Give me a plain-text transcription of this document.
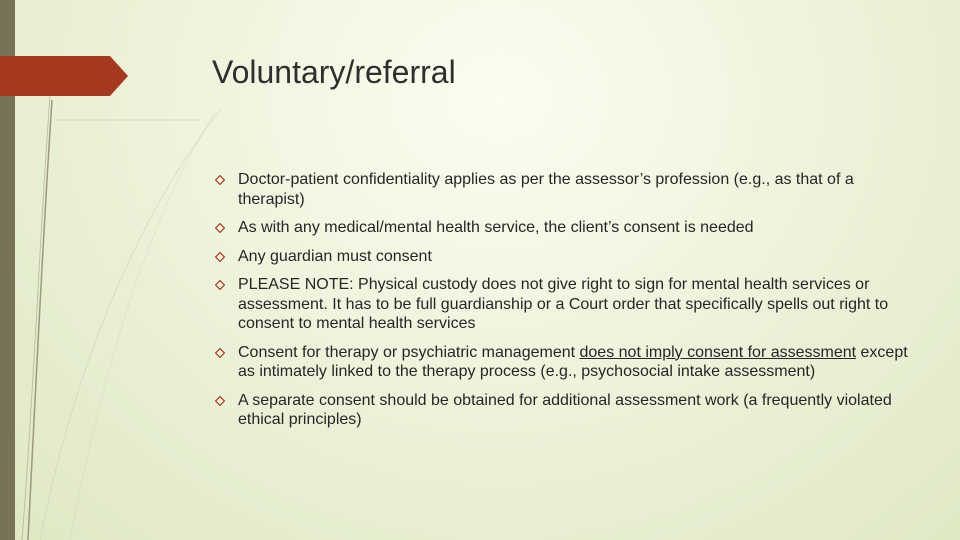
Voluntary/referral
Doctor-patient confidentiality applies as per the assessor’s profession (e.g., as that of a therapist)
As with any medical/mental health service, the client’s consent is needed
Any guardian must consent
PLEASE NOTE: Physical custody does not give right to sign for mental health services or assessment. It has to be full guardianship or a Court order that specifically spells out right to consent to mental health services
Consent for therapy or psychiatric management does not imply consent for assessment except as intimately linked to the therapy process (e.g., psychosocial intake assessment)
A separate consent should be obtained for additional assessment work (a frequently violated ethical principles)
